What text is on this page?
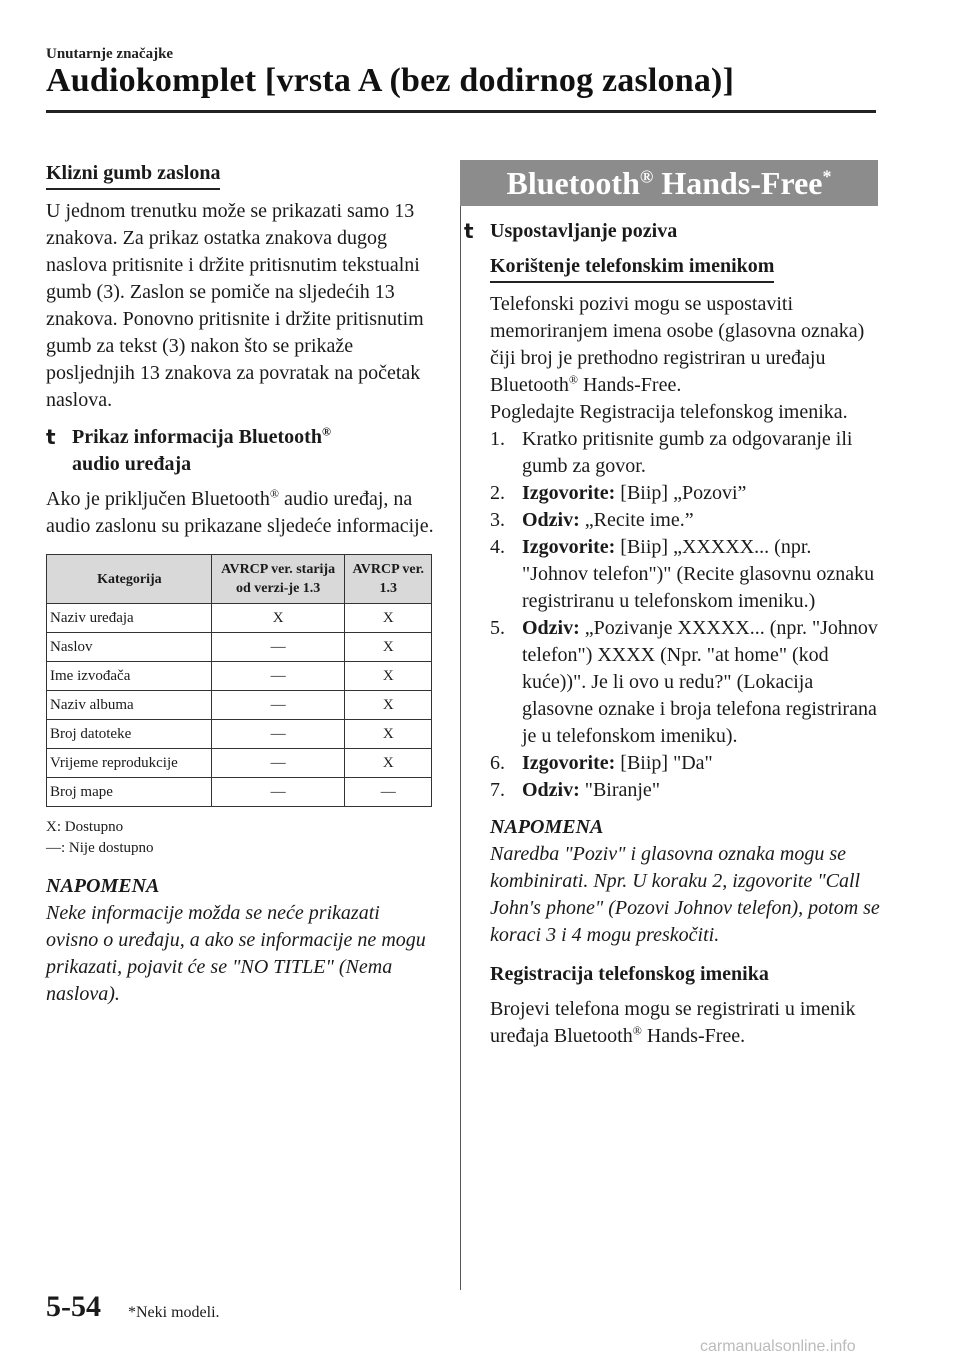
Unutarnje značajke
Audiokomplet [vrsta A (bez dodirnog zaslona)]
Klizni gumb zaslona

U jednom trenutku može se prikazati samo 13 znakova. Za prikaz ostatka znakova dugog naslova pritisnite i držite pritisnutim tekstualni gumb (3). Zaslon se pomiče na sljedećih 13 znakova. Ponovno pritisnite i držite pritisnutim gumb za tekst (3) nakon što se prikaže posljednjih 13 znakova za povratak na početak naslova.

t Prikaz informacija Bluetooth®
audio uređaja

Ako je priključen Bluetooth® audio uređaj, na audio zaslonu su prikazane sljedeće informacije.

Kategorija	AVRCP ver. starija od verzi-je 1.3	AVRCP ver. 1.3
Naziv uređaja	X	X
Naslov	—	X
Ime izvođača	—	X
Naziv albuma	—	X
Broj datoteke	—	X
Vrijeme reprodukcije	—	X
Broj mape	—	—
X: Dostupno
—: Nije dostupno
NAPOMENA
Neke informacije možda se neće prikazati ovisno o uređaju, a ako se informacije ne mogu prikazati, pojavit će se "NO TITLE" (Nema naslova).
Bluetooth® Hands-Free*
t Uspostavljanje poziva
Korištenje telefonskim imenikom

Telefonski pozivi mogu se uspostaviti memoriranjem imena osobe (glasovna oznaka) čiji broj je prethodno registriran u uređaju Bluetooth® Hands-Free.

Pogledajte Registracija telefonskog imenika.

1. Kratko pritisnite gumb za odgovaranje ili gumb za govor.
2. Izgovorite: [Biip] „Pozovi”
3. Odziv: „Recite ime.”
4. Izgovorite: [Biip] „XXXXX... (npr. "Johnov telefon")" (Recite glasovnu oznaku registriranu u telefonskom imeniku.)
5. Odziv: „Pozivanje XXXXX... (npr. "Johnov telefon") XXXX (Npr. "at home" (kod kuće))". Je li ovo u redu?" (Lokacija glasovne oznake i broja telefona registrirana je u telefonskom imeniku).
6. Izgovorite: [Biip] "Da"
7. Odziv: "Biranje"
NAPOMENA
Naredba "Poziv" i glasovna oznaka mogu se kombinirati. Npr. U koraku 2, izgovorite "Call John's phone" (Pozovi Johnov telefon), potom se koraci 3 i 4 mogu preskočiti.
Registracija telefonskog imenika

Brojevi telefona mogu se registrirati u imenik uređaja Bluetooth® Hands-Free.

5-54 *Neki modeli.
carmanualsonline.info
